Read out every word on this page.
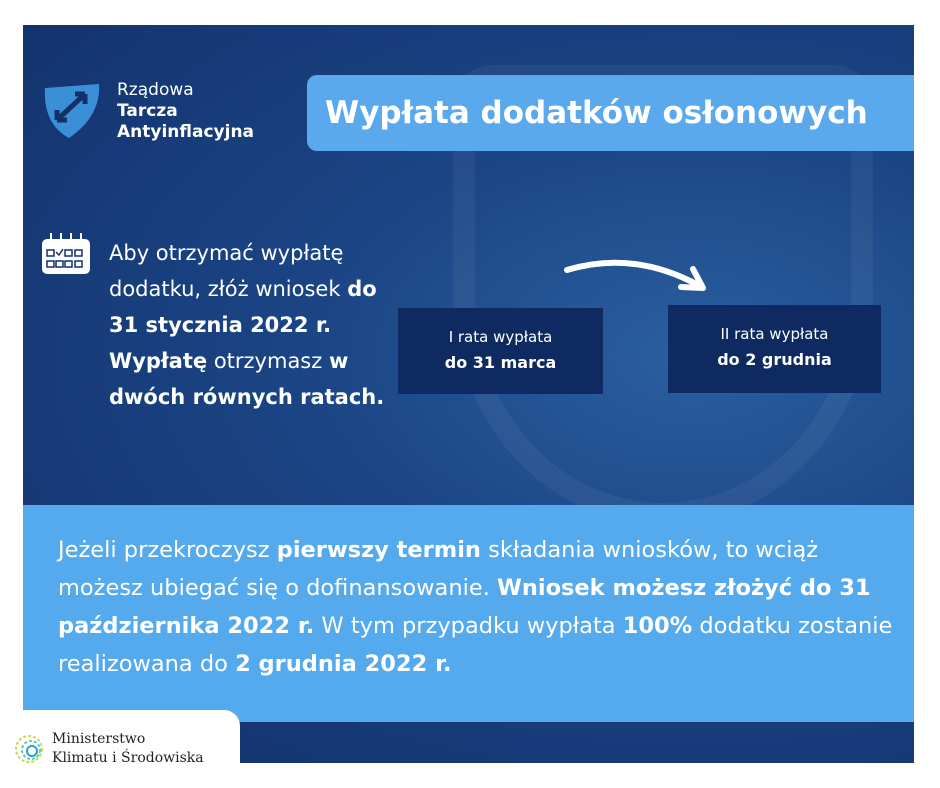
Rządowa
Tarcza
Antyinflacyjna
Wypłata dodatków osłonowych
Aby otrzymać wypłatę dodatku, złóż wniosek do 31 stycznia 2022 r. Wypłatę otrzymasz w dwóch równych ratach.
I rata wypłata
do 31 marca
II rata wypłata
do 2 grudnia
Jeżeli przekroczysz pierwszy termin składania wniosków, to wciąż możesz ubiegać się o dofinansowanie. Wniosek możesz złożyć do 31 października 2022 r. W tym przypadku wypłata 100% dodatku zostanie realizowana do 2 grudnia 2022 r.
Ministerstwo
Klimatu i Środowiska
